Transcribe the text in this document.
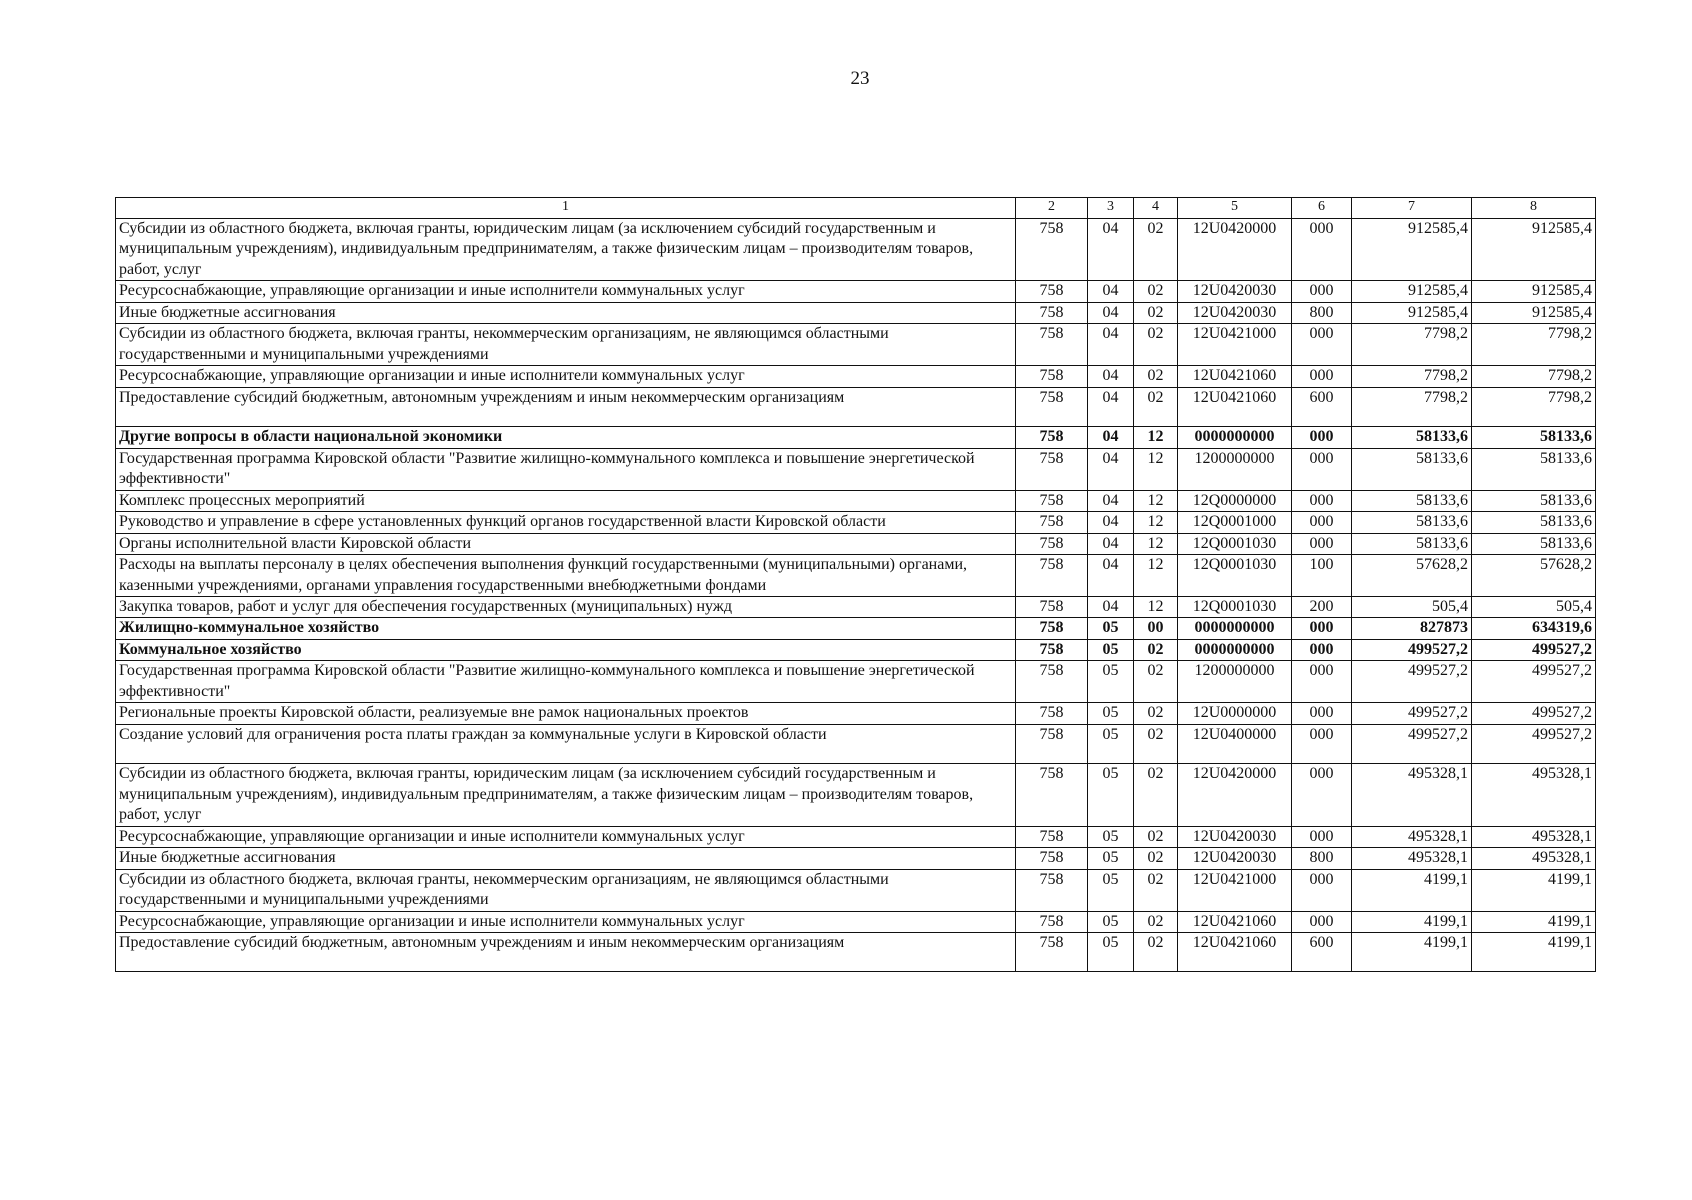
23
1	2	3	4	5	6	7	8
Субсидии из областного бюджета, включая гранты, юридическим лицам (за исключением субсидий государственным и муниципальным учреждениям), индивидуальным предпринимателям, а также физическим лицам – производителям товаров, работ, услуг	758	04	02	12U0420000	000	912585,4	912585,4
Ресурсоснабжающие, управляющие организации и иные исполнители коммунальных услуг	758	04	02	12U0420030	000	912585,4	912585,4
Иные бюджетные ассигнования	758	04	02	12U0420030	800	912585,4	912585,4
Субсидии из областного бюджета, включая гранты, некоммерческим организациям, не являющимся областными государственными и муниципальными учреждениями	758	04	02	12U0421000	000	7798,2	7798,2
Ресурсоснабжающие, управляющие организации и иные исполнители коммунальных услуг	758	04	02	12U0421060	000	7798,2	7798,2
Предоставление субсидий бюджетным, автономным учреждениям и иным некоммерческим организациям	758	04	02	12U0421060	600	7798,2	7798,2
Другие вопросы в области национальной экономики	758	04	12	0000000000	000	58133,6	58133,6
Государственная программа Кировской области "Развитие жилищно-коммунального комплекса и повышение энергетической эффективности"	758	04	12	1200000000	000	58133,6	58133,6
Комплекс процессных мероприятий	758	04	12	12Q0000000	000	58133,6	58133,6
Руководство и управление в сфере установленных функций органов государственной власти Кировской области	758	04	12	12Q0001000	000	58133,6	58133,6
Органы исполнительной власти Кировской области	758	04	12	12Q0001030	000	58133,6	58133,6
Расходы на выплаты персоналу в целях обеспечения выполнения функций государственными (муниципальными) органами, казенными учреждениями, органами управления государственными внебюджетными фондами	758	04	12	12Q0001030	100	57628,2	57628,2
Закупка товаров, работ и услуг для обеспечения государственных (муниципальных) нужд	758	04	12	12Q0001030	200	505,4	505,4
Жилищно-коммунальное хозяйство	758	05	00	0000000000	000	827873	634319,6
Коммунальное хозяйство	758	05	02	0000000000	000	499527,2	499527,2
Государственная программа Кировской области "Развитие жилищно-коммунального комплекса и повышение энергетической эффективности"	758	05	02	1200000000	000	499527,2	499527,2
Региональные проекты Кировской области, реализуемые вне рамок национальных проектов	758	05	02	12U0000000	000	499527,2	499527,2
Создание условий для ограничения роста платы граждан за коммунальные услуги в Кировской области	758	05	02	12U0400000	000	499527,2	499527,2
Субсидии из областного бюджета, включая гранты, юридическим лицам (за исключением субсидий государственным и муниципальным учреждениям), индивидуальным предпринимателям, а также физическим лицам – производителям товаров, работ, услуг	758	05	02	12U0420000	000	495328,1	495328,1
Ресурсоснабжающие, управляющие организации и иные исполнители коммунальных услуг	758	05	02	12U0420030	000	495328,1	495328,1
Иные бюджетные ассигнования	758	05	02	12U0420030	800	495328,1	495328,1
Субсидии из областного бюджета, включая гранты, некоммерческим организациям, не являющимся областными государственными и муниципальными учреждениями	758	05	02	12U0421000	000	4199,1	4199,1
Ресурсоснабжающие, управляющие организации и иные исполнители коммунальных услуг	758	05	02	12U0421060	000	4199,1	4199,1
Предоставление субсидий бюджетным, автономным учреждениям и иным некоммерческим организациям	758	05	02	12U0421060	600	4199,1	4199,1
